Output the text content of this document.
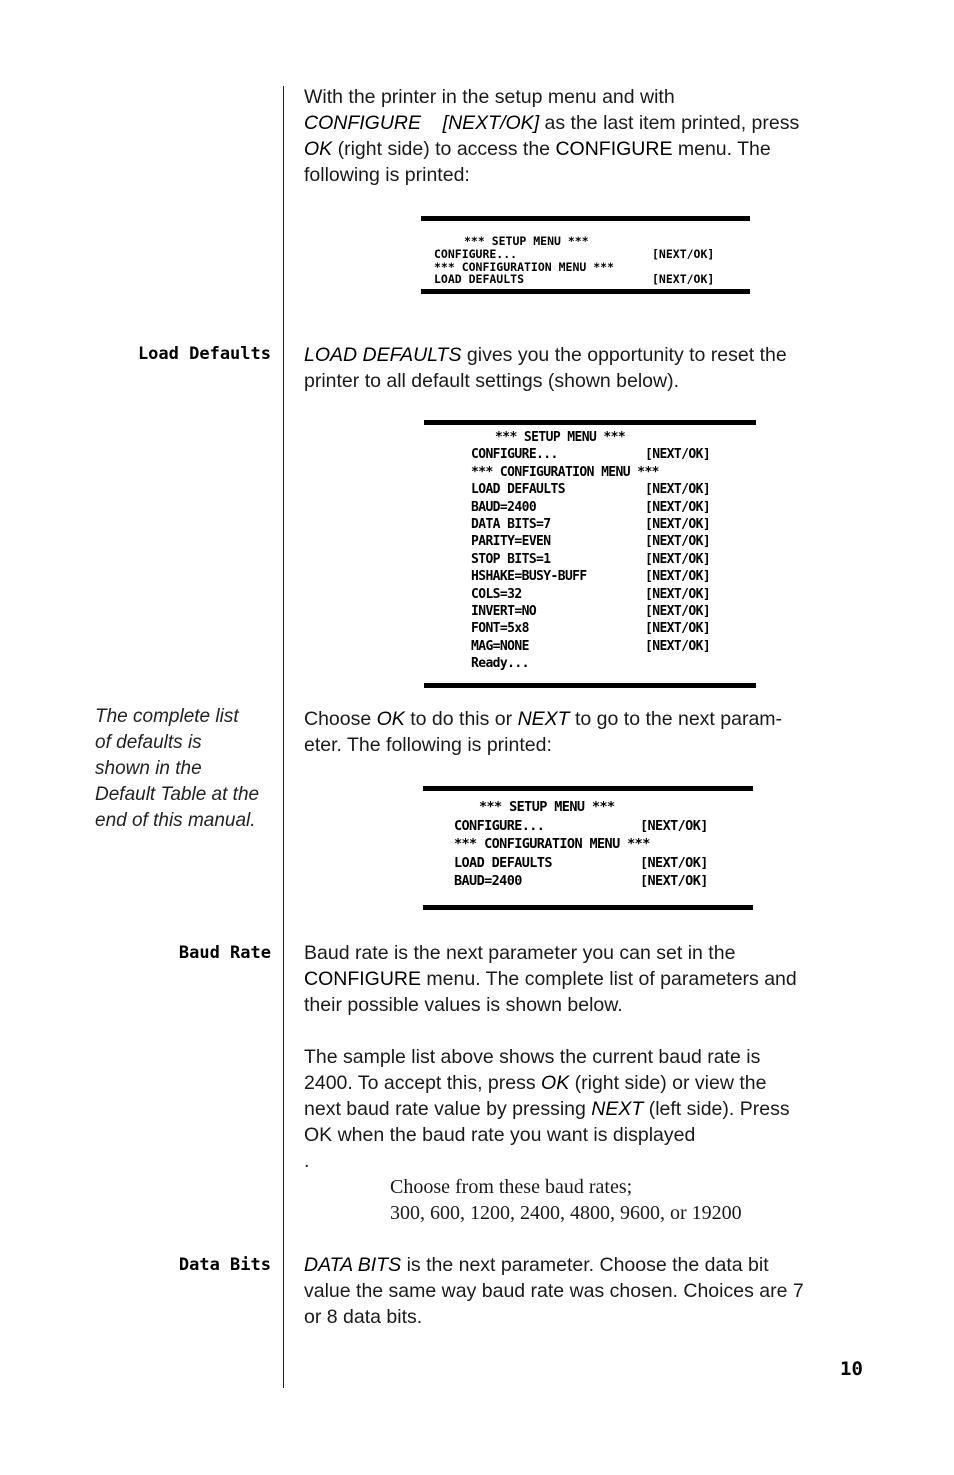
With the printer in the setup menu and with

CONFIGURE [NEXT/OK] as the last item printed, press

OK (right side) to access the CONFIGURE menu. The

following is printed:

*** SETUP MENU ***
CONFIGURE...	[NEXT/OK]
*** CONFIGURATION MENU ***
LOAD DEFAULTS	[NEXT/OK]
Load Defaults LOAD DEFAULTS gives you the opportunity to reset the

printer to all default settings (shown below).

*** SETUP MENU ***
CONFIGURE...	[NEXT/OK]
*** CONFIGURATION MENU ***
LOAD DEFAULTS	[NEXT/OK]
BAUD=2400	[NEXT/OK]
DATA BITS=7	[NEXT/OK]
PARITY=EVEN	[NEXT/OK]
STOP BITS=1	[NEXT/OK]
HSHAKE=BUSY-BUFF	[NEXT/OK]
COLS=32	[NEXT/OK]
INVERT=NO	[NEXT/OK]
FONT=5x8	[NEXT/OK]
MAG=NONE	[NEXT/OK]
Ready...
The complete list
of defaults is
shown in the
Default Table at the
end of this manual.

Choose OK to do this or NEXT to go to the next param-

eter. The following is printed:

*** SETUP MENU ***
CONFIGURE...	[NEXT/OK]
*** CONFIGURATION MENU ***
LOAD DEFAULTS	[NEXT/OK]
BAUD=2400	[NEXT/OK]
Baud Rate Baud rate is the next parameter you can set in the

CONFIGURE menu. The complete list of parameters and

their possible values is shown below.

The sample list above shows the current baud rate is

2400. To accept this, press OK (right side) or view the

next baud rate value by pressing NEXT (left side). Press

OK when the baud rate you want is displayed

.

Choose from these baud rates;

300, 600, 1200, 2400, 4800, 9600, or 19200

Data Bits DATA BITS is the next parameter. Choose the data bit

value the same way baud rate was chosen. Choices are 7

or 8 data bits.

10
